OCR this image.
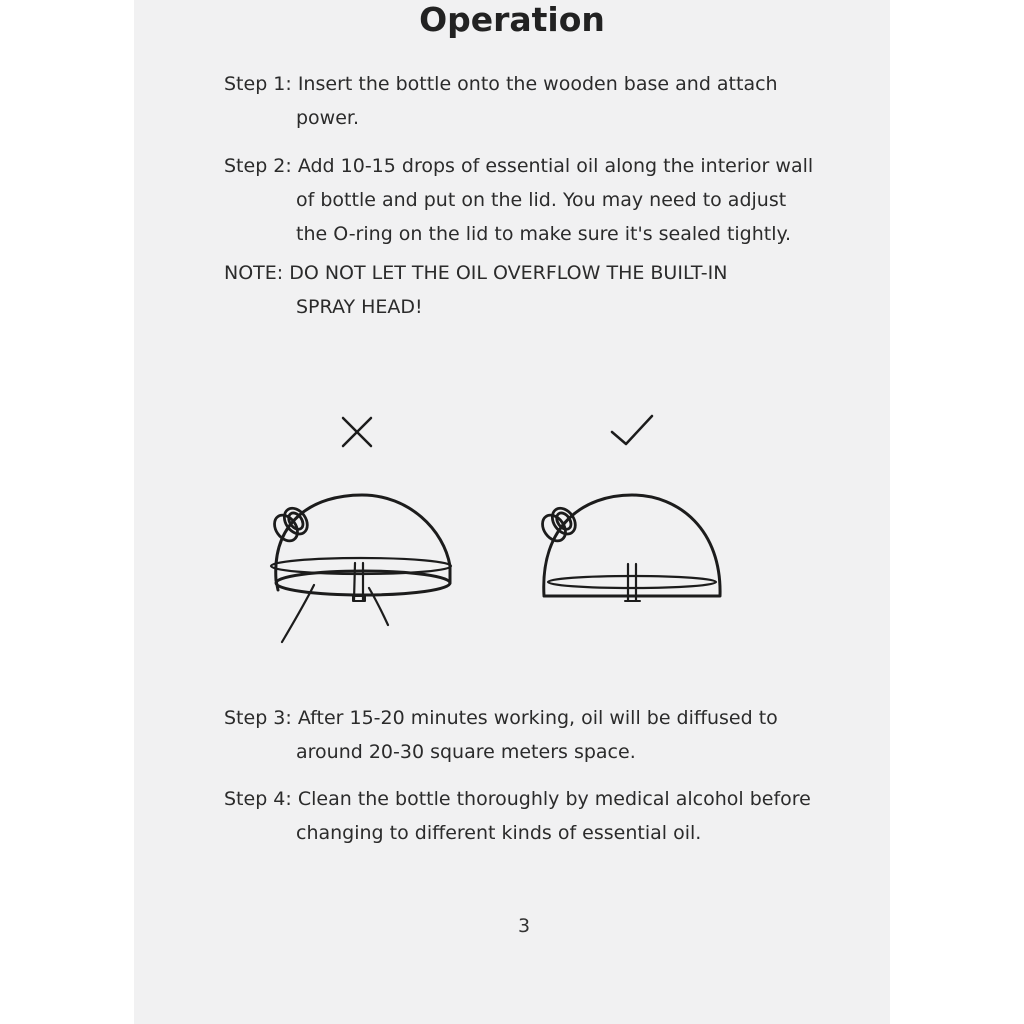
Operation
Step 1: Insert the bottle onto the wooden base and attach
power.
Step 2: Add 10-15 drops of essential oil along the interior wall
of bottle and put on the lid. You may need to adjust
the O-ring on the lid to make sure it's sealed tightly.
NOTE: DO NOT LET THE OIL OVERFLOW THE BUILT-IN
SPRAY HEAD!
Step 3: After 15-20 minutes working, oil will be diffused to
around 20-30 square meters space.
Step 4: Clean the bottle thoroughly by medical alcohol before
changing to different kinds of essential oil.
3
